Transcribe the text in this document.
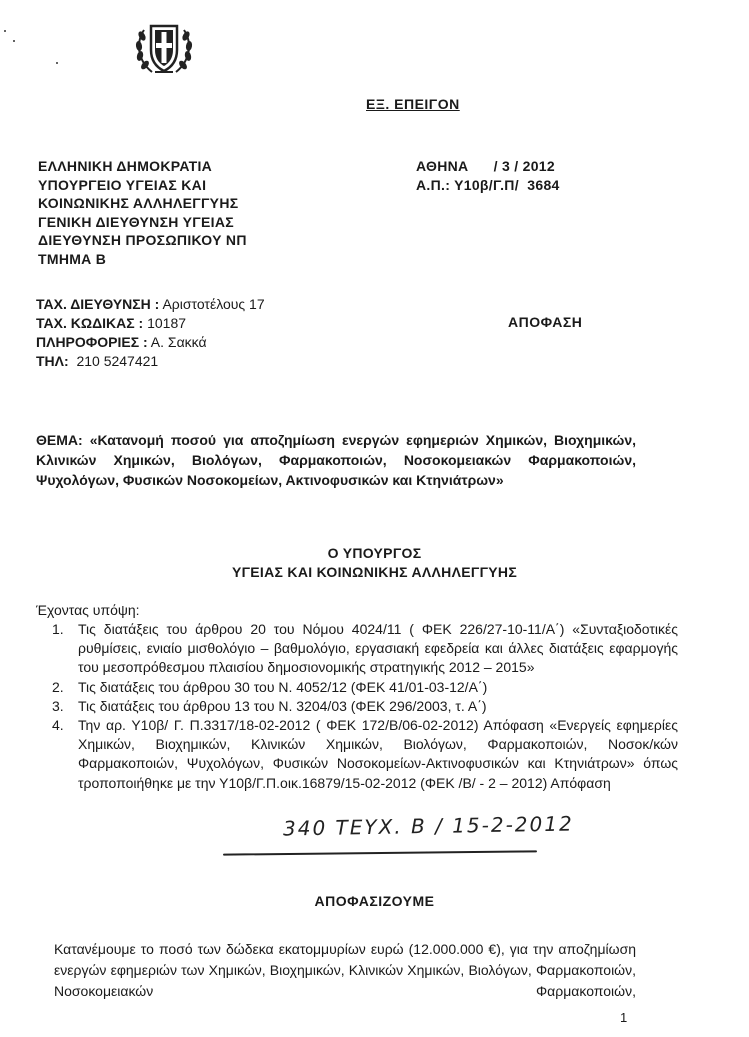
ΕΞ. ΕΠΕΙΓΟΝ
ΕΛΛΗΝΙΚΗ ΔΗΜΟΚΡΑΤΙΑ
ΥΠΟΥΡΓΕΙΟ ΥΓΕΙΑΣ ΚΑΙ
ΚΟΙΝΩΝΙΚΗΣ ΑΛΛΗΛΕΓΓΥΗΣ
ΓΕΝΙΚΗ ΔΙΕΥΘΥΝΣΗ ΥΓΕΙΑΣ
ΔΙΕΥΘΥΝΣΗ ΠΡΟΣΩΠΙΚΟΥ ΝΠ
ΤΜΗΜΑ Β
ΑΘΗΝΑ      / 3 / 2012
Α.Π.: Υ10β/Γ.Π/  3684
ΤΑΧ. ΔΙΕΥΘΥΝΣΗ : Αριστοτέλους 17
ΤΑΧ. ΚΩΔΙΚΑΣ : 10187
ΠΛΗΡΟΦΟΡΙΕΣ : Α. Σακκά
ΤΗΛ:  210 5247421
ΑΠΟΦΑΣΗ
ΘΕΜΑ: «Κατανομή ποσού για αποζημίωση ενεργών εφημεριών Χημικών, Βιοχημικών, Κλινικών Χημικών, Βιολόγων, Φαρμακοποιών, Νοσοκομειακών Φαρμακοποιών, Ψυχολόγων, Φυσικών Νοσοκομείων, Ακτινοφυσικών και Κτηνιάτρων»
Ο ΥΠΟΥΡΓΟΣ
ΥΓΕΙΑΣ ΚΑΙ ΚΟΙΝΩΝΙΚΗΣ ΑΛΛΗΛΕΓΓΥΗΣ
Έχοντας υπόψη:
1. Τις διατάξεις του άρθρου 20 του Νόμου 4024/11 ( ΦΕΚ 226/27-10-11/Α΄) «Συνταξιοδοτικές ρυθμίσεις, ενιαίο μισθολόγιο – βαθμολόγιο, εργασιακή εφεδρεία και άλλες διατάξεις εφαρμογής του μεσοπρόθεσμου πλαισίου δημοσιονομικής στρατηγικής 2012 – 2015»
2. Τις διατάξεις του άρθρου 30 του Ν. 4052/12 (ΦΕΚ 41/01-03-12/Α΄)
3. Τις διατάξεις του άρθρου 13 του Ν. 3204/03 (ΦΕΚ 296/2003, τ. Α΄)
4. Την αρ. Υ10β/ Γ. Π.3317/18-02-2012 ( ΦΕΚ 172/Β/06-02-2012) Απόφαση «Ενεργείς εφημερίες Χημικών, Βιοχημικών, Κλινικών Χημικών, Βιολόγων, Φαρμακοποιών, Νοσοκ/κών Φαρμακοποιών, Ψυχολόγων, Φυσικών Νοσοκομείων-Ακτινοφυσικών και Κτηνιάτρων» όπως τροποποιήθηκε με την Υ10β/Γ.Π.οικ.16879/15-02-2012 (ΦΕΚ /Β/ - 2 – 2012) Απόφαση
340 ΤΕΥΧ. Β / 15-2-2012
ΑΠΟΦΑΣΙΖΟΥΜΕ
Κατανέμουμε το ποσό των δώδεκα εκατομμυρίων ευρώ (12.000.000 €), για την αποζημίωση ενεργών εφημεριών των Χημικών, Βιοχημικών, Κλινικών Χημικών, Βιολόγων, Φαρμακοποιών, Νοσοκομειακών Φαρμακοποιών,
1
